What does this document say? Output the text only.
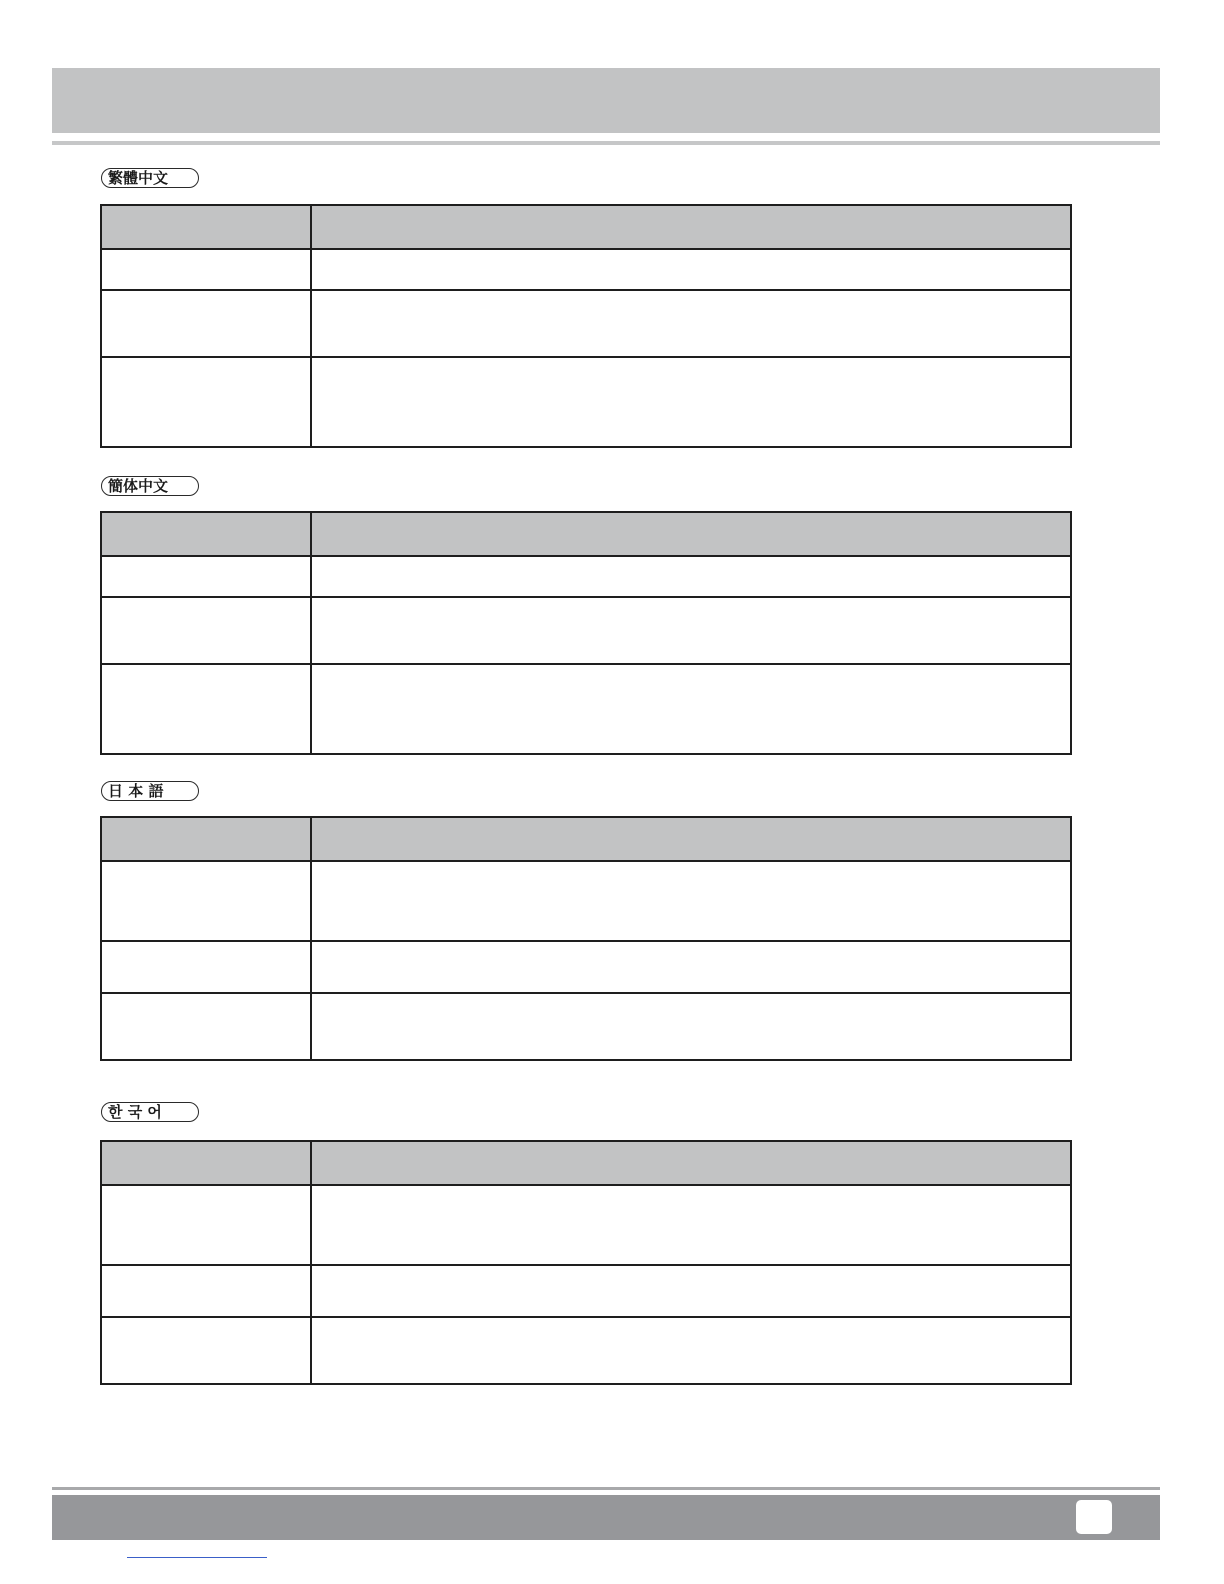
繁體中文

簡体中文

日 本 語

한 국 어
